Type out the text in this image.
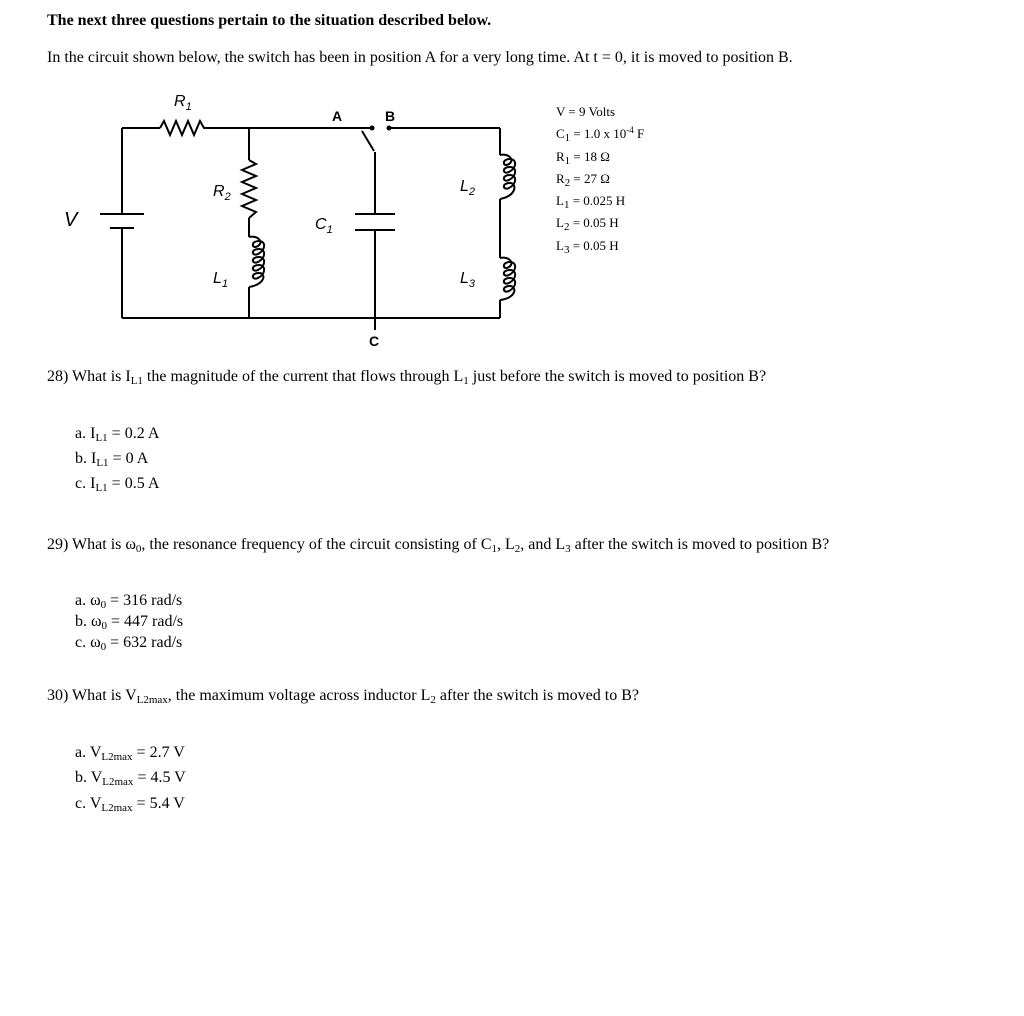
The next three questions pertain to the situation described below.
In the circuit shown below, the switch has been in position A for a very long time. At t = 0, it is moved to position B.
$R_1$
$R_2$
$L_1$
$C_1$
$L_2$
$L_3$
V
A	B
C
V = 9 Volts
$C_1 = 1.0$ x $10^{-4}$ F
$R_1 = 18$ Ω
$R_2 = 27$ Ω
$L_1 = 0.025$ H
$L_2 = 0.05$ H
$L_3 = 0.05$ H
28) What is $I_{L1}$ the magnitude of the current that flows through $L_1$ just before the switch is moved to position B?
a. $I_{L1} = 0.2$ A
b. $I_{L1} = 0$ A
c. $I_{L1} = 0.5$ A
29) What is $\omega_0$, the resonance frequency of the circuit consisting of $C_1$, $L_2$, and $L_3$ after the switch is moved to position B?
a. $\omega_0 = 316$ rad/s
b. $\omega_0 = 447$ rad/s
c. $\omega_0 = 632$ rad/s
30) What is $V_{L2max}$, the maximum voltage across inductor $L_2$ after the switch is moved to B?
a. $V_{L2max} = 2.7$ V
b. $V_{L2max} = 4.5$ V
c. $V_{L2max} = 5.4$ V
